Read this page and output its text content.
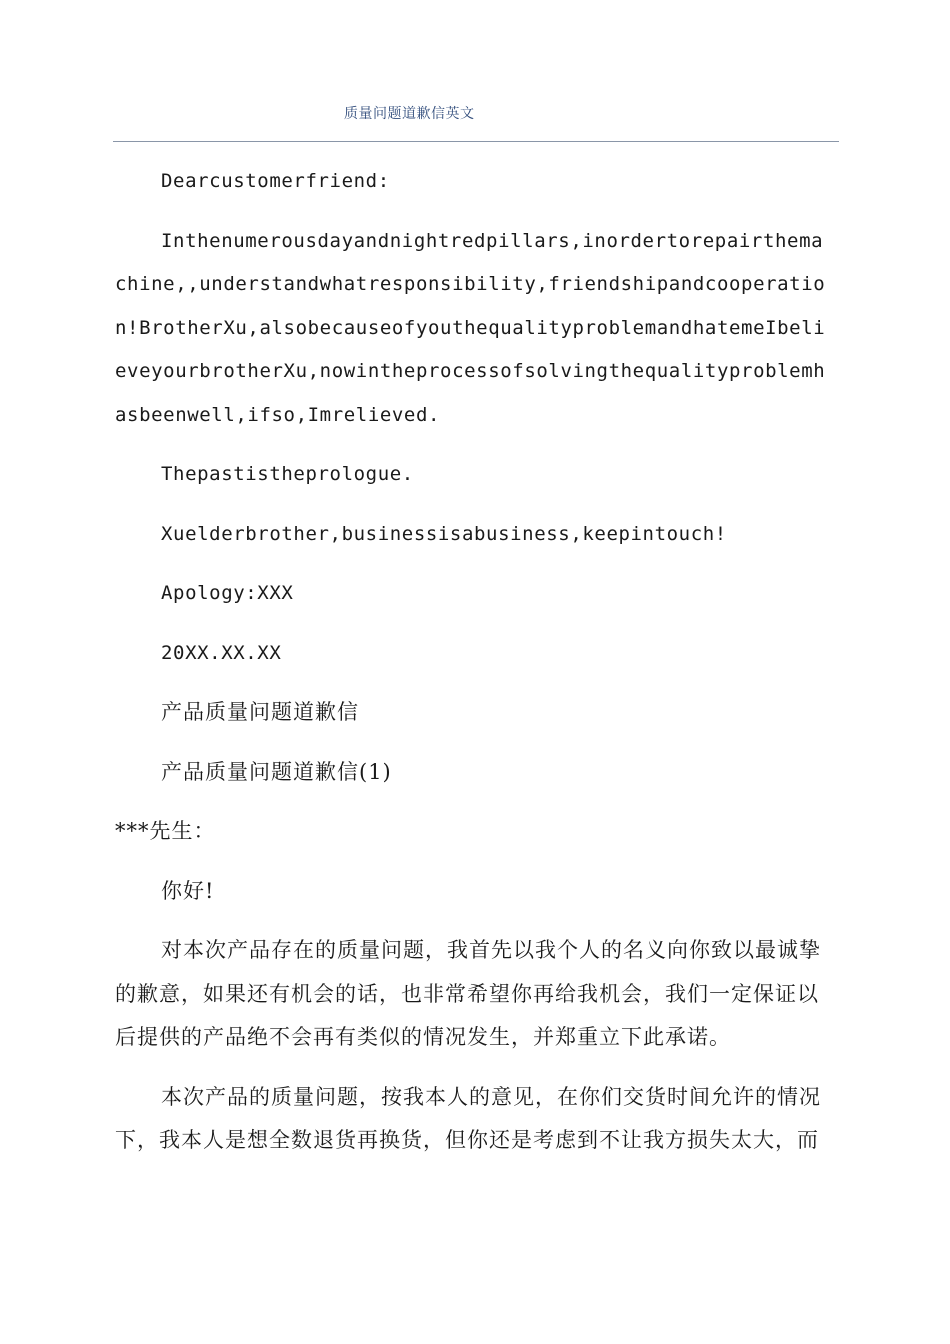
质量问题道歉信英文

Dearcustomerfriend:

Inthenumerousdayandnightredpillars,inordertorepairthemachine,,understandwhatresponsibility,friendshipandcooperation!BrotherXu,alsobecauseofyouthequalityproblemandhatemeIbelieveyourbrotherXu,nowintheprocessofsolvingthequalityproblemhasbeenwell,ifso,Imrelieved.

Thepastistheprologue.

Xuelderbrother,businessisabusiness,keepintouch!

Apology:XXX

20XX.XX.XX

产品质量问题道歉信

产品质量问题道歉信(1)

***先生：

你好!

对本次产品存在的质量问题，我首先以我个人的名义向你致以最诚挚的歉意，如果还有机会的话，也非常希望你再给我机会，我们一定保证以后提供的产品绝不会再有类似的情况发生，并郑重立下此承诺。

本次产品的质量问题，按我本人的意见，在你们交货时间允许的情况下，我本人是想全数退货再换货，但你还是考虑到不让我方损失太大，而
